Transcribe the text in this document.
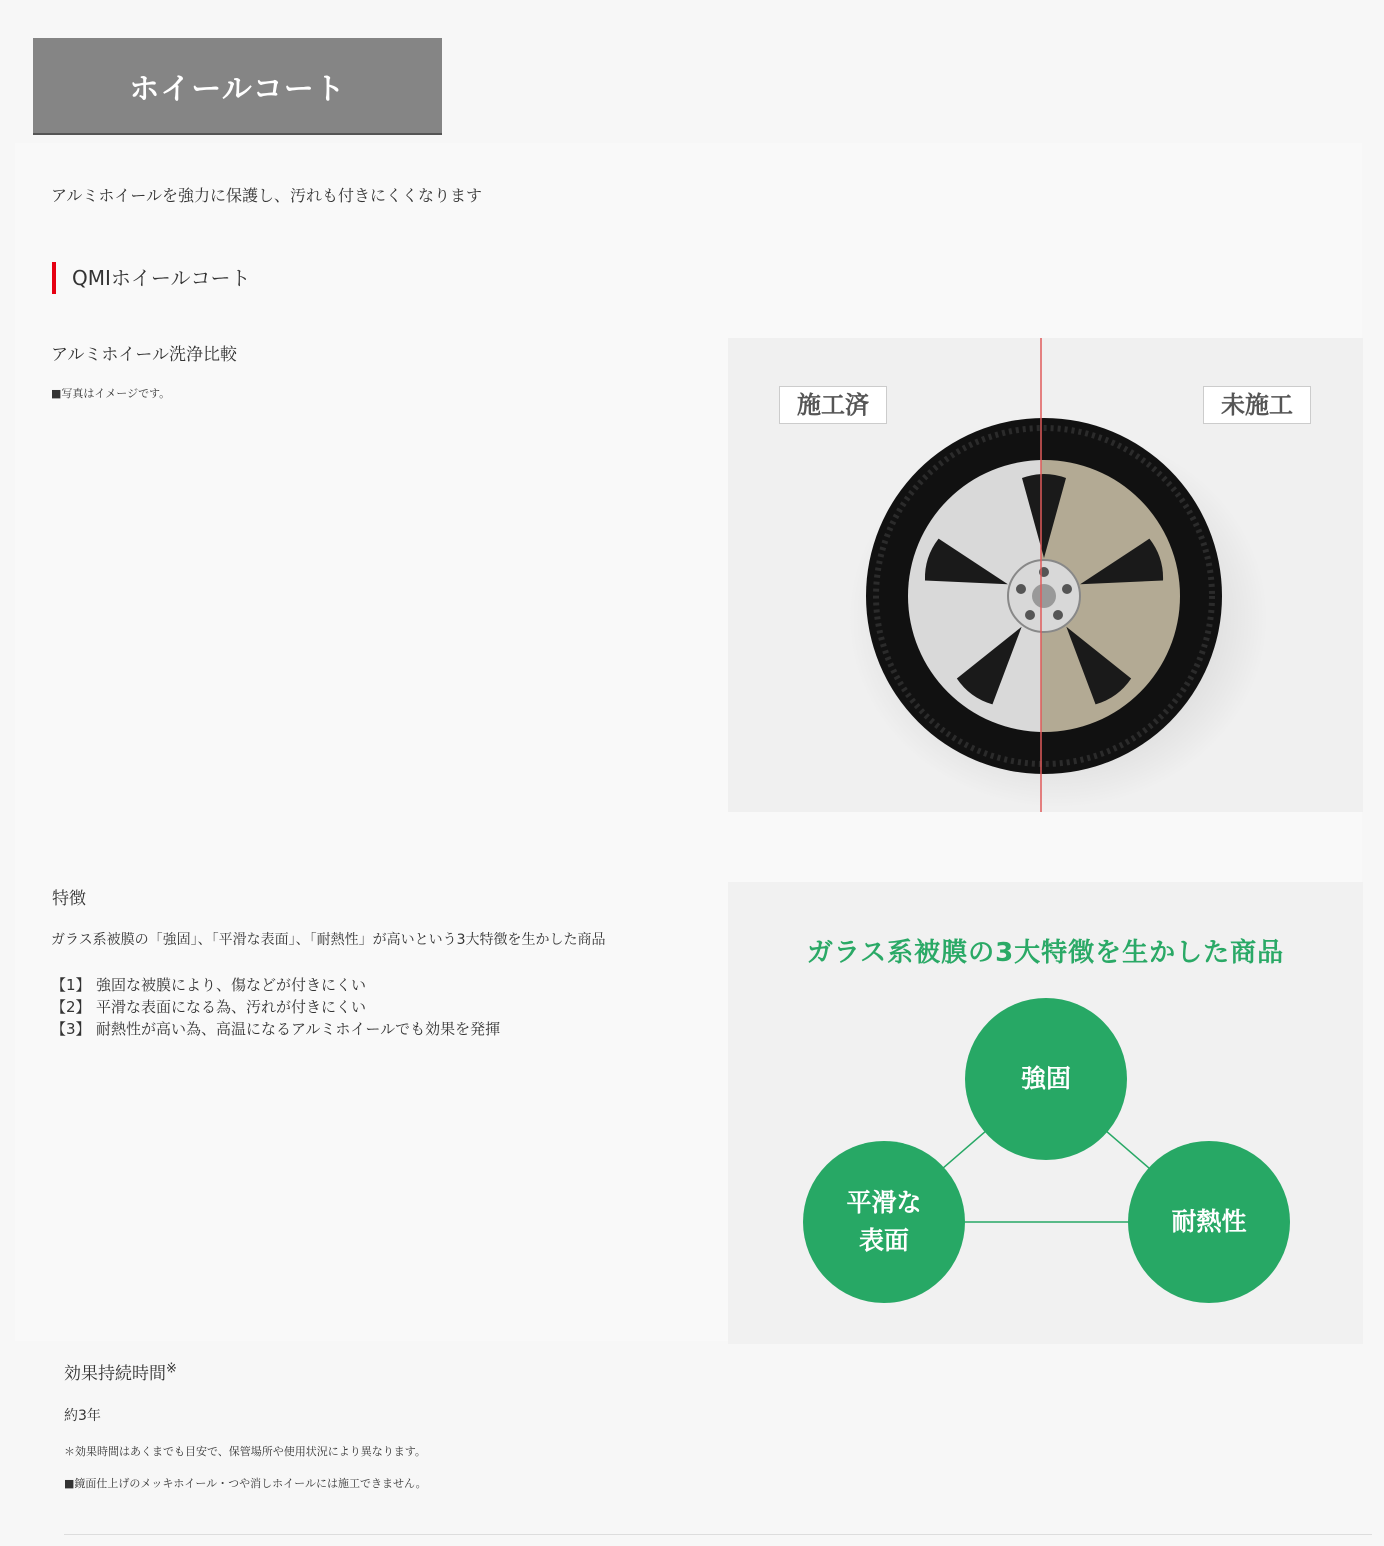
ホイールコート
アルミホイールを強力に保護し、汚れも付きにくくなります
QMIホイールコート
アルミホイール洗浄比較
■写真はイメージです。	施工済	未施工
特徴
ガラス系被膜の「強固」、「平滑な表面」、「耐熱性」が高いという3大特徴を生かした商品
【1】 強固な被膜により、傷などが付きにくい
【2】 平滑な表面になる為、汚れが付きにくい
【3】 耐熱性が高い為、高温になるアルミホイールでも効果を発揮
ガラス系被膜の3大特徴を生かした商品
強固
平滑な
表面
耐熱性
効果持続時間※
約3年
＊効果時間はあくまでも目安で、保管場所や使用状況により異なります。
■鏡面仕上げのメッキホイール・つや消しホイールには施工できません。
